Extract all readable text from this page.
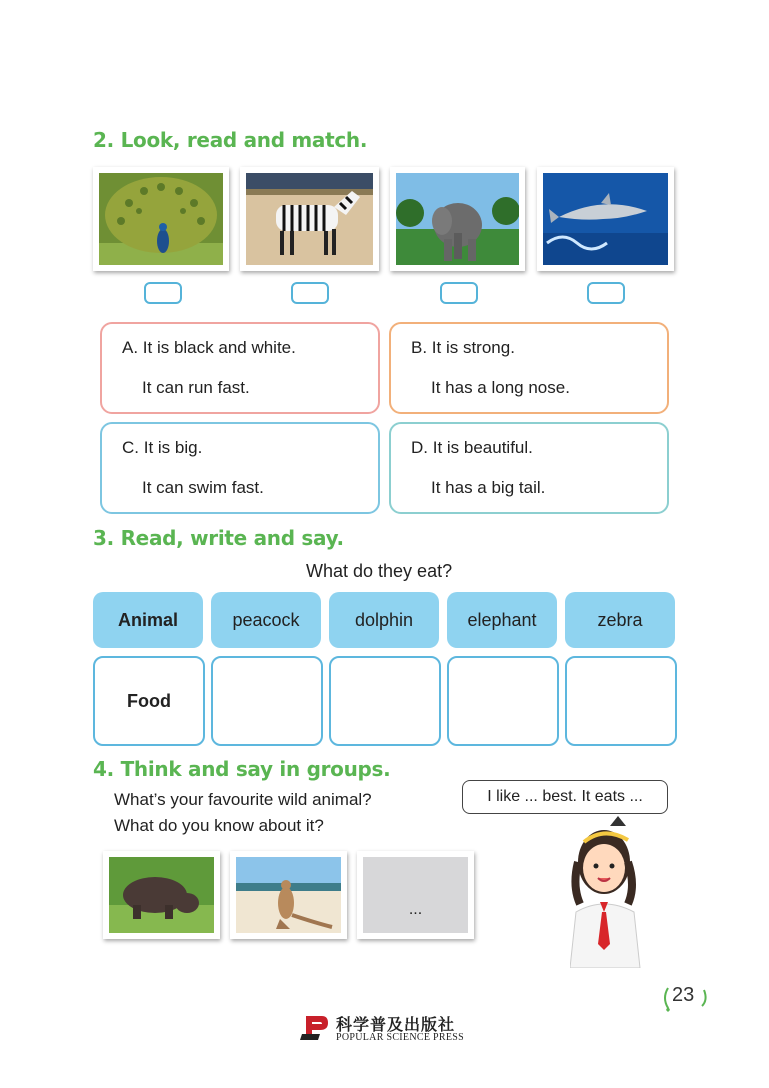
2. Look, read and match.
A. It is black and white.
It can run fast.
B. It is strong.
It has a long nose.
C. It is big.
It can swim fast.
D. It is beautiful.
It has a big tail.
3. Read, write and say.
What do they eat?
Animal	peacock	dolphin	elephant	zebra
Food
4. Think and say in groups.
What’s your favourite wild animal?
What do you know about it?
I like ... best. It eats ...
...
23
科学普及出版社
POPULAR SCIENCE PRESS
